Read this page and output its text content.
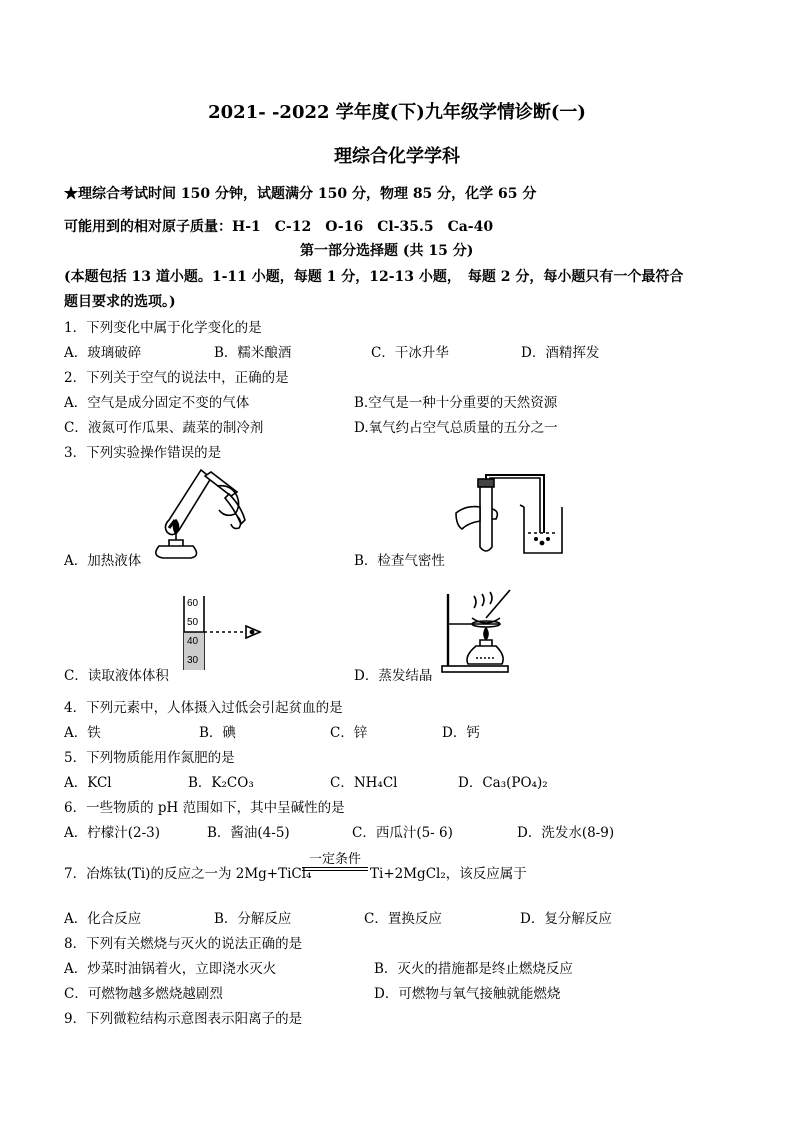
2021- -2022 学年度(下)九年级学情诊断(一)
理综合化学学科
★理综合考试时间 150 分钟，试题满分 150 分，物理 85 分，化学 65 分
可能用到的相对原子质量：H-1　C-12　O-16　Cl-35.5　Ca-40
第一部分选择题 (共 15 分)
(本题包括 13 道小题。1-11 小题，每题 1 分，12-13 小题，　每题 2 分，每小题只有一个最符合
题目要求的选项。)
1．下列变化中属于化学变化的是
A．玻璃破碎	B．糯米酿酒	C．干冰升华	D．酒精挥发
2．下列关于空气的说法中，正确的是
A．空气是成分固定不变的气体	B.空气是一种十分重要的天然资源
C．液氮可作瓜果、蔬菜的制冷剂	D.氧气约占空气总质量的五分之一
3．下列实验操作错误的是
A．加热液体	B．检查气密性
60
50
40
30
C．读取液体体积	D．蒸发结晶
4．下列元素中，人体摄入过低会引起贫血的是
A．铁	B．碘	C．锌	D．钙
5．下列物质能用作氮肥的是
A．KCl	B．K₂CO₃	C．NH₄Cl	D．Ca₃(PO₄)₂
6．一些物质的 pH 范围如下，其中呈碱性的是
A．柠檬汁(2-3)	B．酱油(4-5)	C．西瓜汁(5- 6)	D．洗发水(8-9)
7．冶炼钛(Ti)的反应之一为 2Mg+TiCl₄
一定条件
Ti+2MgCl₂，该反应属于
A．化合反应	B．分解反应	C．置换反应	D．复分解反应
8．下列有关燃烧与灭火的说法正确的是
A．炒菜时油锅着火，立即浇水灭火	B．灭火的措施都是终止燃烧反应
C．可燃物越多燃烧越剧烈	D．可燃物与氧气接触就能燃烧
9．下列微粒结构示意图表示阳离子的是
